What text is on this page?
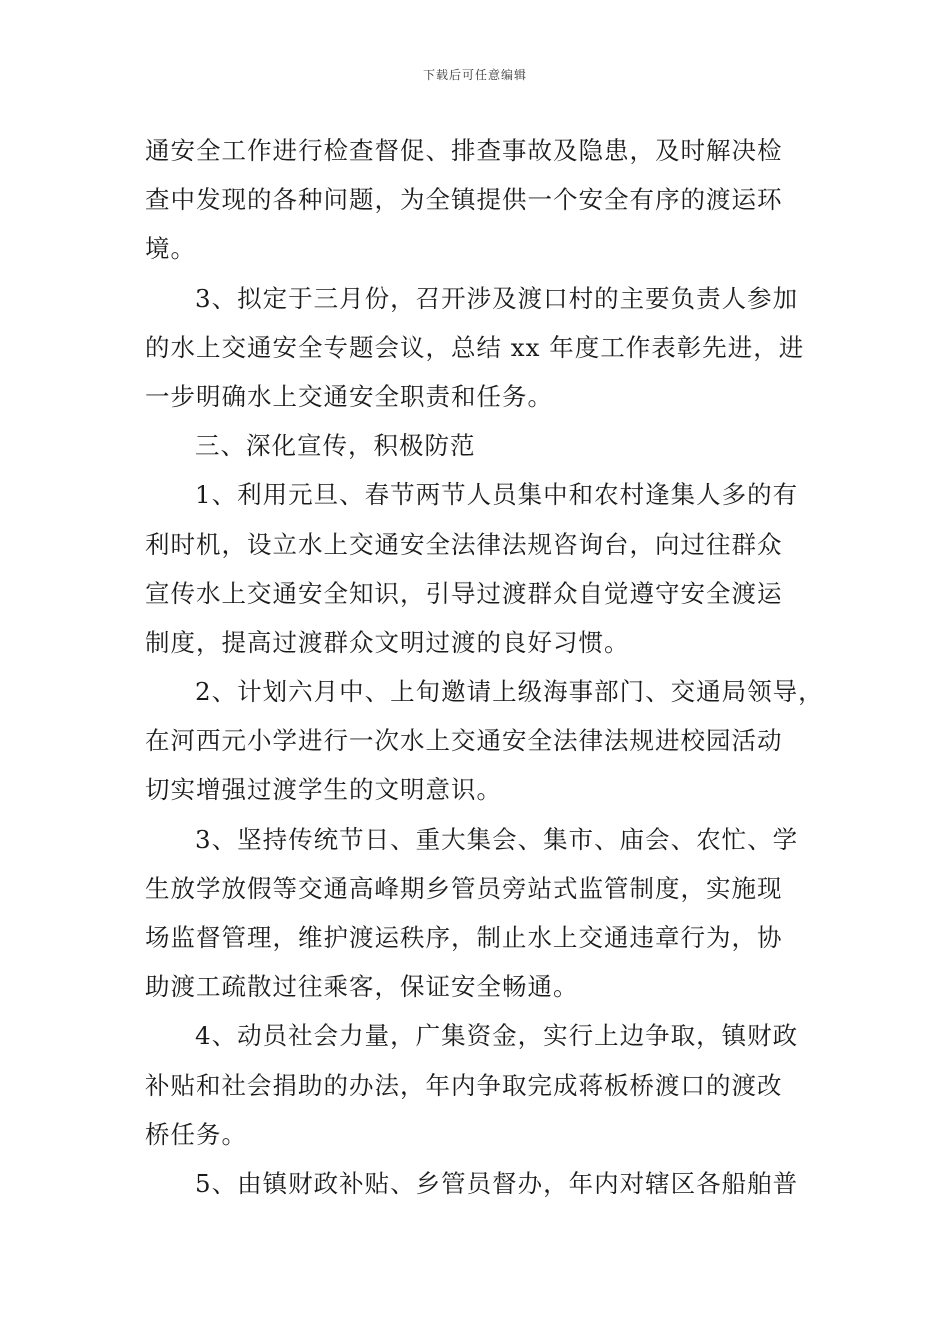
下载后可任意编辑
通安全工作进行检查督促、排查事故及隐患，及时解决检
查中发现的各种问题，为全镇提供一个安全有序的渡运环
境。
3、拟定于三月份，召开涉及渡口村的主要负责人参加
的水上交通安全专题会议，总结 xx 年度工作表彰先进，进
一步明确水上交通安全职责和任务。
三、深化宣传，积极防范
1、利用元旦、春节两节人员集中和农村逢集人多的有
利时机，设立水上交通安全法律法规咨询台，向过往群众
宣传水上交通安全知识，引导过渡群众自觉遵守安全渡运
制度，提高过渡群众文明过渡的良好习惯。
2、计划六月中、上旬邀请上级海事部门、交通局领导，
在河西元小学进行一次水上交通安全法律法规进校园活动
切实增强过渡学生的文明意识。
3、坚持传统节日、重大集会、集市、庙会、农忙、学
生放学放假等交通高峰期乡管员旁站式监管制度，实施现
场监督管理，维护渡运秩序，制止水上交通违章行为，协
助渡工疏散过往乘客，保证安全畅通。
4、动员社会力量，广集资金，实行上边争取，镇财政
补贴和社会捐助的办法，年内争取完成蒋板桥渡口的渡改
桥任务。
5、由镇财政补贴、乡管员督办，年内对辖区各船舶普
